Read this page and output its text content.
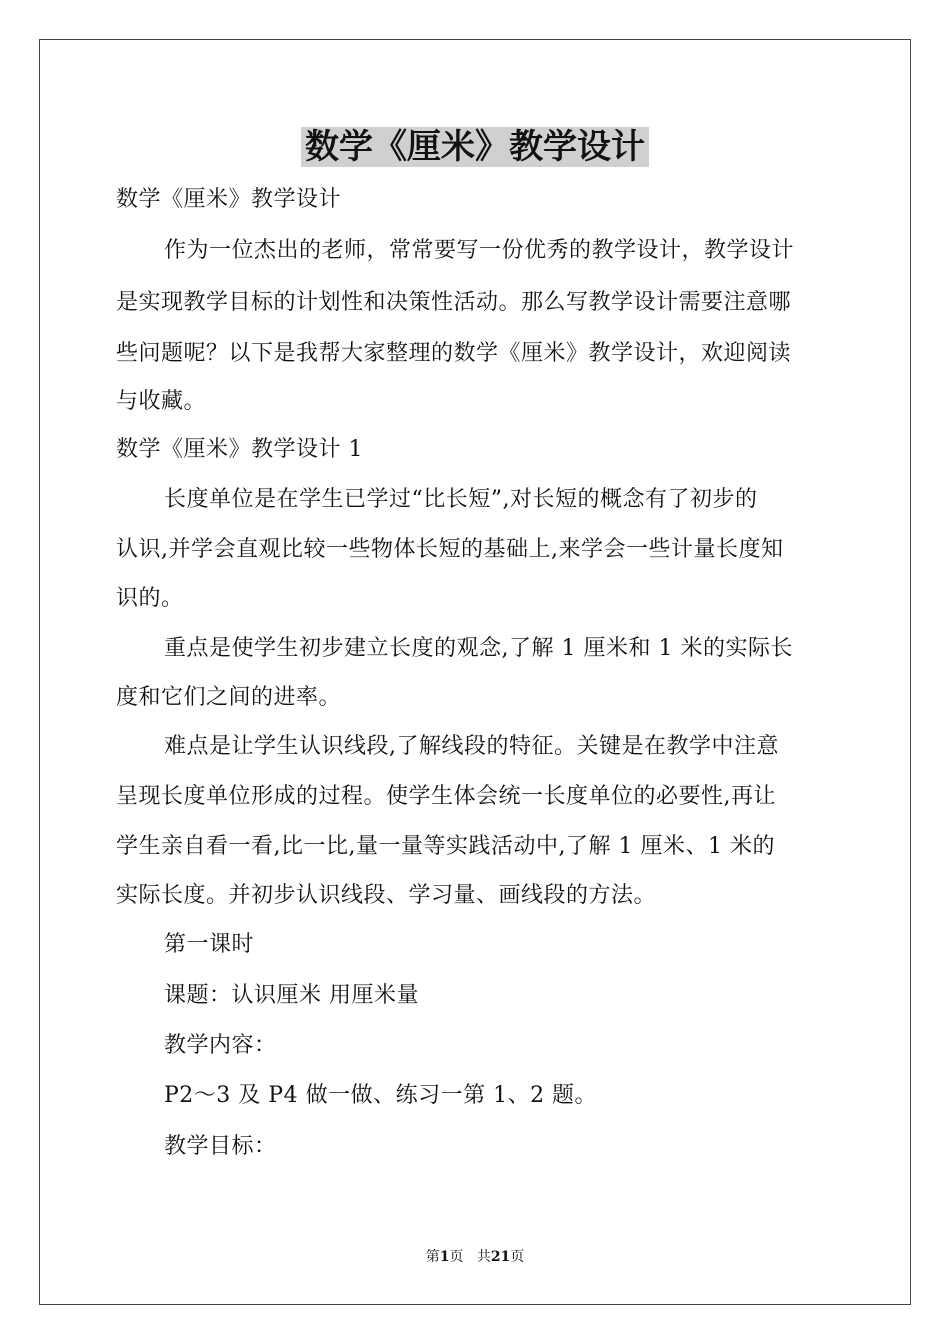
数学《厘米》教学设计

数学《厘米》教学设计

作为一位杰出的老师，常常要写一份优秀的教学设计，教学设计

是实现教学目标的计划性和决策性活动。那么写教学设计需要注意哪

些问题呢？以下是我帮大家整理的数学《厘米》教学设计，欢迎阅读

与收藏。

数学《厘米》教学设计 1

长度单位是在学生已学过“比长短”,对长短的概念有了初步的

认识,并学会直观比较一些物体长短的基础上,来学会一些计量长度知

识的。

重点是使学生初步建立长度的观念,了解 1 厘米和 1 米的实际长

度和它们之间的进率。

难点是让学生认识线段,了解线段的特征。关键是在教学中注意

呈现长度单位形成的过程。使学生体会统一长度单位的必要性,再让

学生亲自看一看,比一比,量一量等实践活动中,了解 1 厘米、1 米的

实际长度。并初步认识线段、学习量、画线段的方法。

第一课时

课题：认识厘米 用厘米量

教学内容：

P2～3 及 P4 做一做、练习一第 1、2 题。

教学目标：

第1页 共21页
